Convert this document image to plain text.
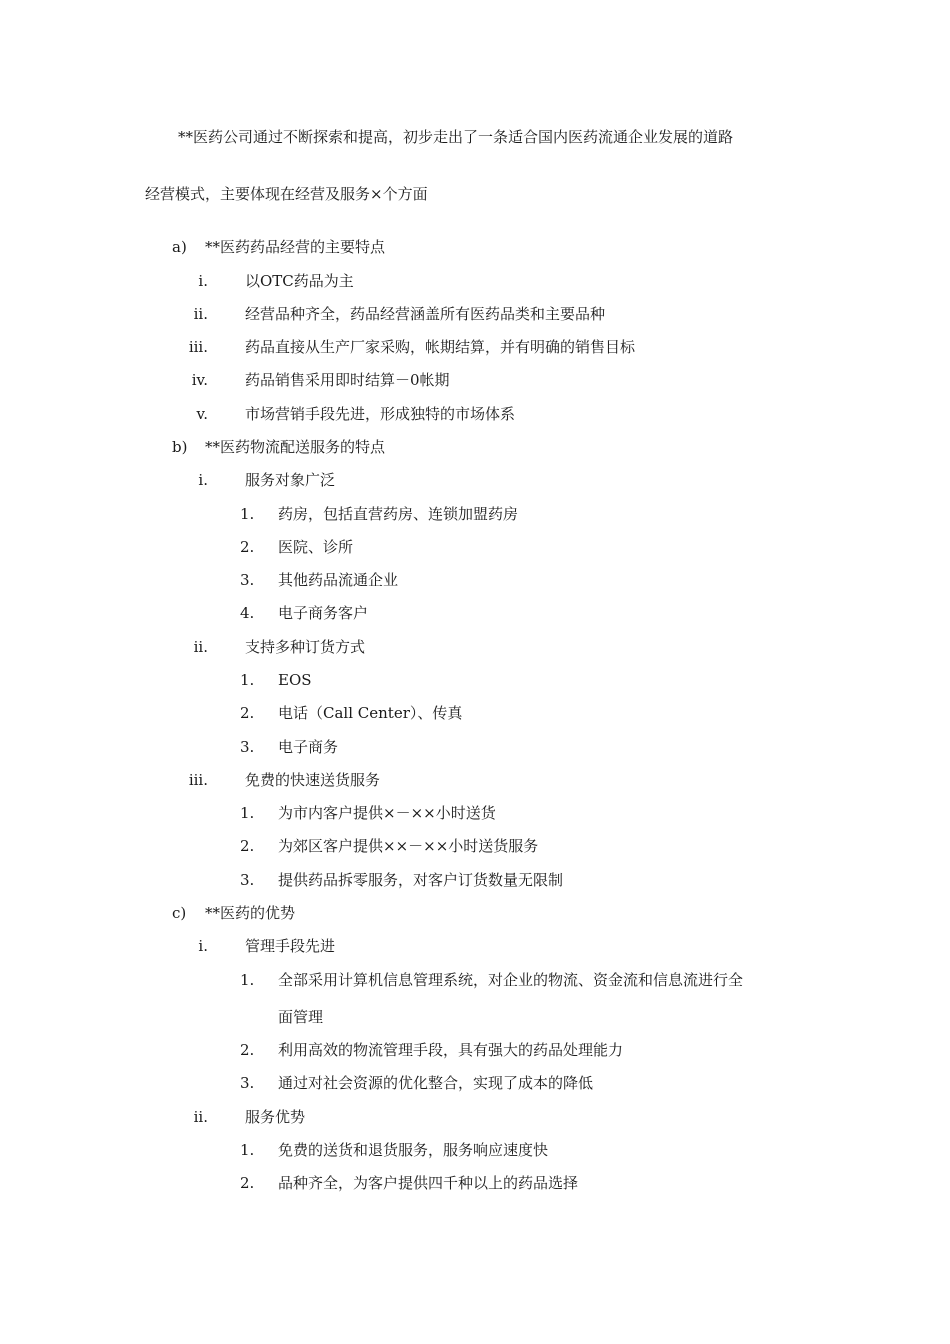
**医药公司通过不断探索和提高，初步走出了一条适合国内医药流通企业发展的道路
经营模式，主要体现在经营及服务×个方面
a)	**医药药品经营的主要特点
i. 以OTC药品为主
ii. 经营品种齐全，药品经营涵盖所有医药品类和主要品种
iii. 药品直接从生产厂家采购，帐期结算，并有明确的销售目标
iv. 药品销售采用即时结算－0帐期
v. 市场营销手段先进，形成独特的市场体系
b)	**医药物流配送服务的特点
i. 服务对象广泛
1.	药房，包括直营药房、连锁加盟药房
2.	医院、诊所
3.	其他药品流通企业
4.	电子商务客户
ii. 支持多种订货方式
1.	EOS
2.	电话（Call Center）、传真
3.	电子商务
iii. 免费的快速送货服务
1.	为市内客户提供×－××小时送货
2.	为郊区客户提供××－××小时送货服务
3.	提供药品拆零服务，对客户订货数量无限制
c)	**医药的优势
i. 管理手段先进
1.	全部采用计算机信息管理系统，对企业的物流、资金流和信息流进行全
面管理
2.	利用高效的物流管理手段，具有强大的药品处理能力
3.	通过对社会资源的优化整合，实现了成本的降低
ii. 服务优势
1.	免费的送货和退货服务，服务响应速度快
2.	品种齐全，为客户提供四千种以上的药品选择
